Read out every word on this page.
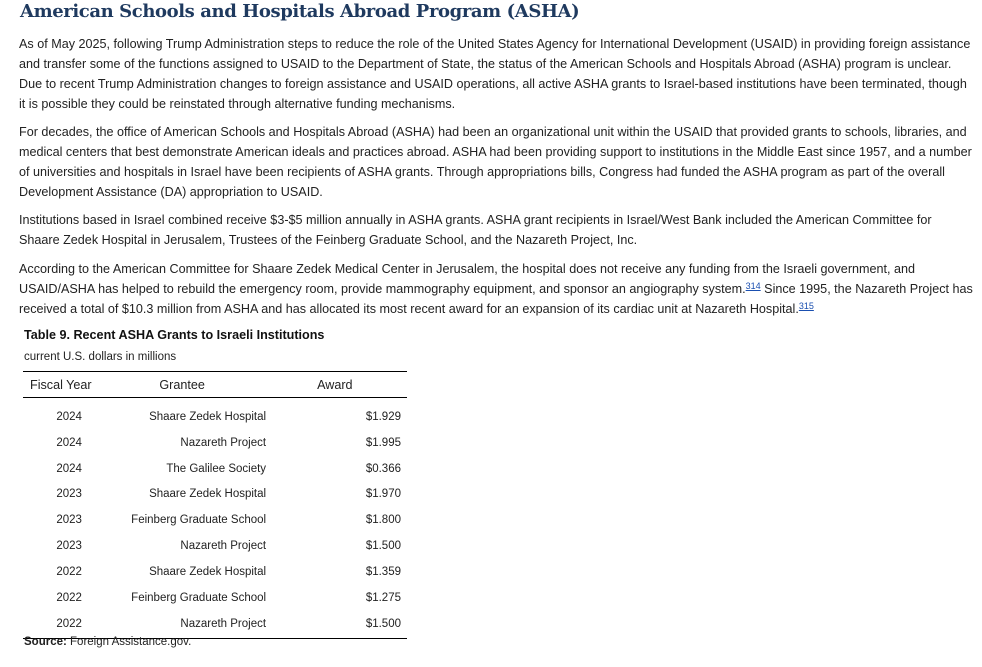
American Schools and Hospitals Abroad Program (ASHA)

As of May 2025, following Trump Administration steps to reduce the role of the United States Agency for International Development (USAID) in providing foreign assistance and transfer some of the functions assigned to USAID to the Department of State, the status of the American Schools and Hospitals Abroad (ASHA) program is unclear. Due to recent Trump Administration changes to foreign assistance and USAID operations, all active ASHA grants to Israel-based institutions have been terminated, though it is possible they could be reinstated through alternative funding mechanisms.

For decades, the office of American Schools and Hospitals Abroad (ASHA) had been an organizational unit within the USAID that provided grants to schools, libraries, and medical centers that best demonstrate American ideals and practices abroad. ASHA had been providing support to institutions in the Middle East since 1957, and a number of universities and hospitals in Israel have been recipients of ASHA grants. Through appropriations bills, Congress had funded the ASHA program as part of the overall Development Assistance (DA) appropriation to USAID.

Institutions based in Israel combined receive $3-$5 million annually in ASHA grants. ASHA grant recipients in Israel/West Bank included the American Committee for Shaare Zedek Hospital in Jerusalem, Trustees of the Feinberg Graduate School, and the Nazareth Project, Inc.

According to the American Committee for Shaare Zedek Medical Center in Jerusalem, the hospital does not receive any funding from the Israeli government, and USAID/ASHA has helped to rebuild the emergency room, provide mammography equipment, and sponsor an angiography system.$^{314}$ Since 1995, the Nazareth Project has received a total of $10.3 million from ASHA and has allocated its most recent award for an expansion of its cardiac unit at Nazareth Hospital.$^{315}$

Table 9. Recent ASHA Grants to Israeli Institutions

current U.S. dollars in millions

Fiscal Year	Grantee	Award
2024	Shaare Zedek Hospital	$1.929
2024	Nazareth Project	$1.995
2024	The Galilee Society	$0.366
2023	Shaare Zedek Hospital	$1.970
2023	Feinberg Graduate School	$1.800
2023	Nazareth Project	$1.500
2022	Shaare Zedek Hospital	$1.359
2022	Feinberg Graduate School	$1.275
2022	Nazareth Project	$1.500

Source: Foreign Assistance.gov.
